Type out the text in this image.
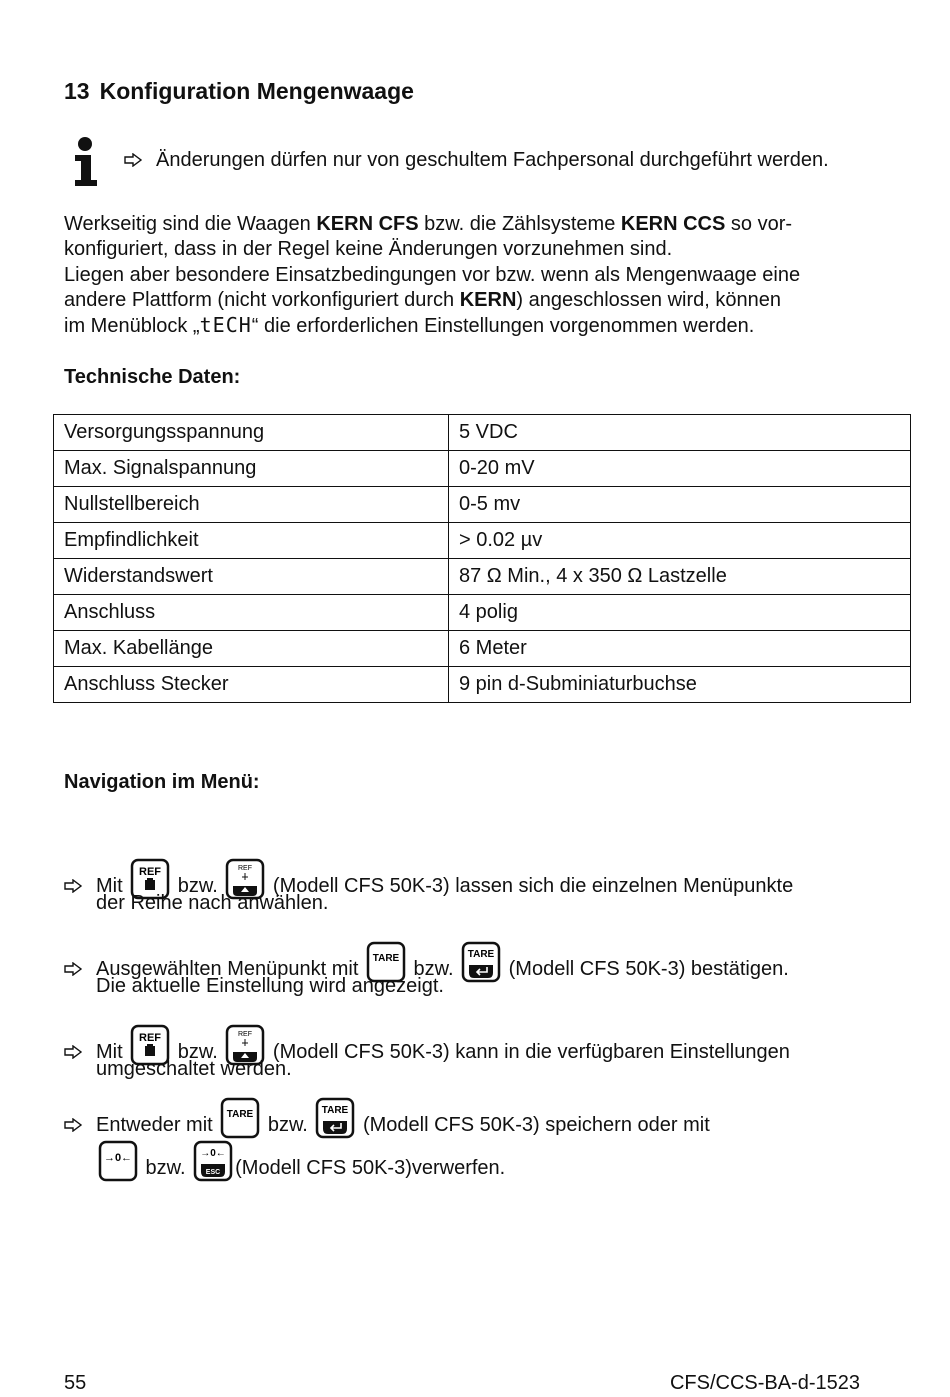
13 Konfiguration Mengenwaage
Änderungen dürfen nur von geschultem Fachpersonal durchgeführt werden.
Werkseitig sind die Waagen KERN CFS bzw. die Zählsysteme KERN CCS so vor-
konfiguriert, dass in der Regel keine Änderungen vorzunehmen sind.
Liegen aber besondere Einsatzbedingungen vor bzw. wenn als Mengenwaage eine
andere Plattform (nicht vorkonfiguriert durch KERN) angeschlossen wird, können
im Menüblock „tECH“ die erforderlichen Einstellungen vorgenommen werden.
Technische Daten:
Versorgungsspannung	5 VDC
Max. Signalspannung	0-20 mV
Nullstellbereich	0-5 mv
Empfindlichkeit	> 0.02 µv
Widerstandswert	87 Ω Min., 4 x 350 Ω Lastzelle
Anschluss	4 polig
Max. Kabellänge	6 Meter
Anschluss Stecker	9 pin d-Subminiaturbuchse
Navigation im Menü:
Mit
REF
bzw.
REF
(Modell CFS 50K-3) lassen sich die einzelnen Menüpunkte
der Reihe nach anwählen.
Ausgewählten Menüpunkt mit TARE bzw.
TARE
(Modell CFS 50K-3) bestätigen.
Die aktuelle Einstellung wird angezeigt.
Mit
REF
bzw.
REF
(Modell CFS 50K-3) kann in die verfügbaren Einstellungen
umgeschaltet werden.
Entweder mit TARE bzw.
TARE
(Modell CFS 50K-3) speichern oder mit
→0← bzw.
→0←
ESC (Modell CFS 50K-3)verwerfen.
55	CFS/CCS-BA-d-1523
